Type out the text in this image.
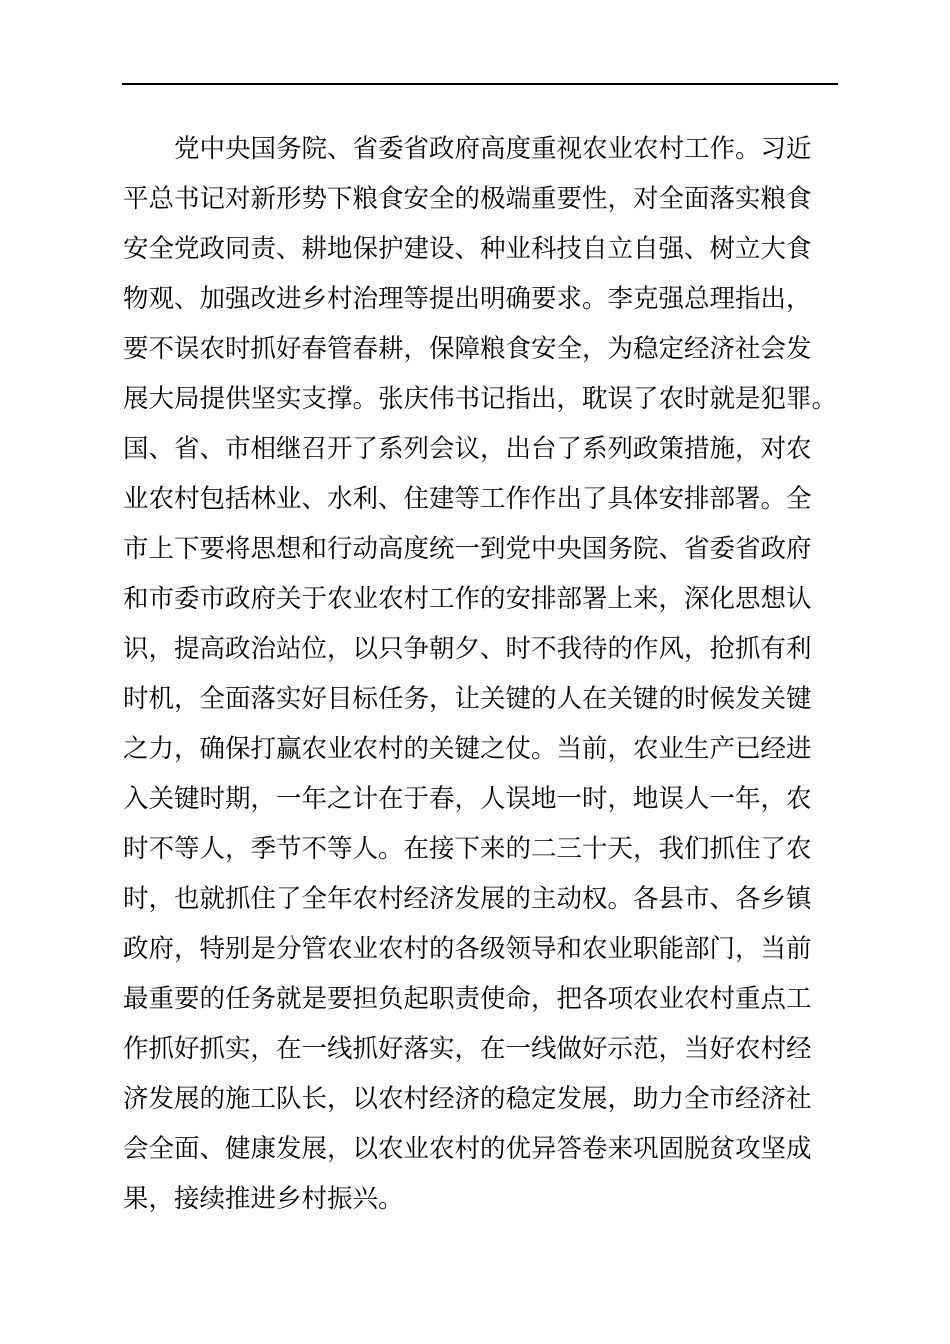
党中央国务院、省委省政府高度重视农业农村工作。习近
平总书记对新形势下粮食安全的极端重要性，对全面落实粮食
安全党政同责、耕地保护建设、种业科技自立自强、树立大食
物观、加强改进乡村治理等提出明确要求。李克强总理指出，
要不误农时抓好春管春耕，保障粮食安全，为稳定经济社会发
展大局提供坚实支撑。张庆伟书记指出，耽误了农时就是犯罪。
国、省、市相继召开了系列会议，出台了系列政策措施，对农
业农村包括林业、水利、住建等工作作出了具体安排部署。全
市上下要将思想和行动高度统一到党中央国务院、省委省政府
和市委市政府关于农业农村工作的安排部署上来，深化思想认
识，提高政治站位，以只争朝夕、时不我待的作风，抢抓有利
时机，全面落实好目标任务，让关键的人在关键的时候发关键
之力，确保打赢农业农村的关键之仗。当前，农业生产已经进
入关键时期，一年之计在于春，人误地一时，地误人一年，农
时不等人，季节不等人。在接下来的二三十天，我们抓住了农
时，也就抓住了全年农村经济发展的主动权。各县市、各乡镇
政府，特别是分管农业农村的各级领导和农业职能部门，当前
最重要的任务就是要担负起职责使命，把各项农业农村重点工
作抓好抓实，在一线抓好落实，在一线做好示范，当好农村经
济发展的施工队长，以农村经济的稳定发展，助力全市经济社
会全面、健康发展，以农业农村的优异答卷来巩固脱贫攻坚成
果，接续推进乡村振兴。
